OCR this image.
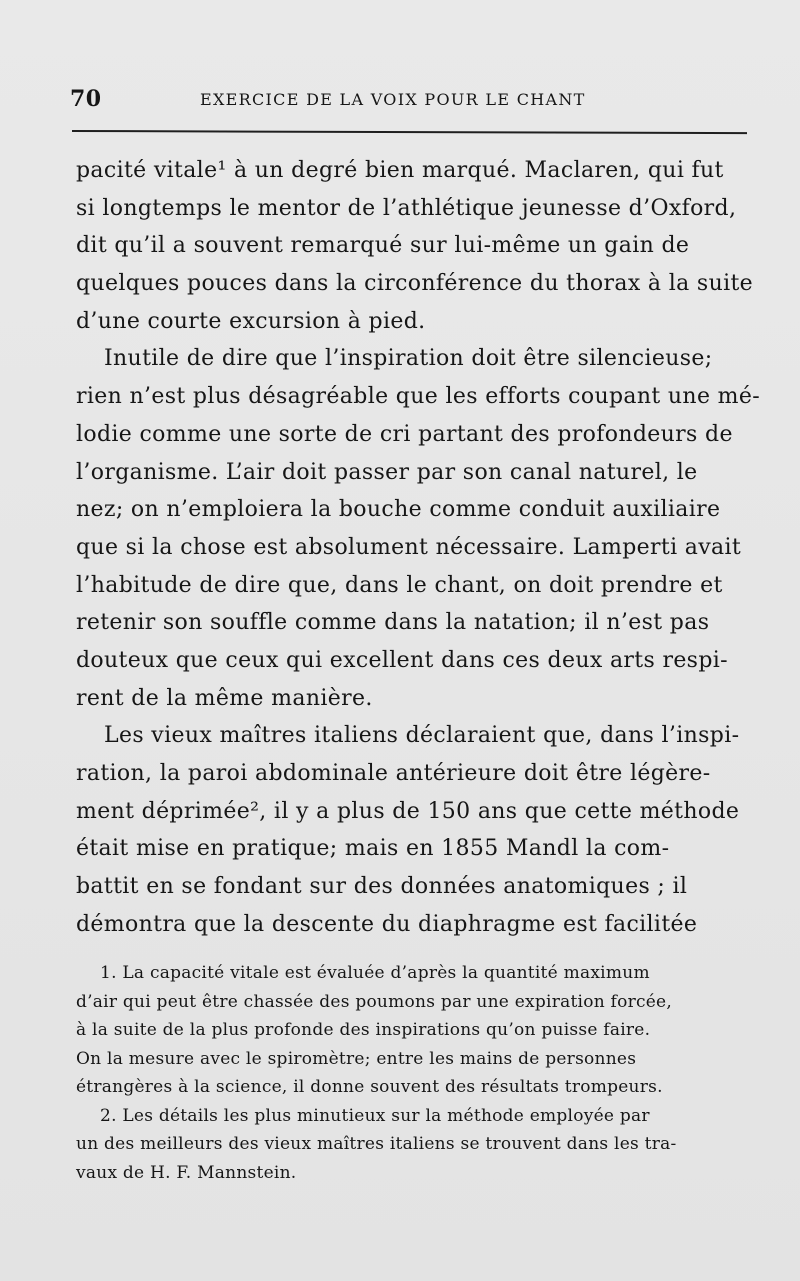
70	EXERCICE DE LA VOIX POUR LE CHANT
pacité vitale¹ à un degré bien marqué. Maclaren, qui fut
si longtemps le mentor de l’athlétique jeunesse d’Oxford,
dit qu’il a souvent remarqué sur lui-même un gain de
quelques pouces dans la circonférence du thorax à la suite
d’une courte excursion à pied.
Inutile de dire que l’inspiration doit être silencieuse;
rien n’est plus désagréable que les efforts coupant une mé-
lodie comme une sorte de cri partant des profondeurs de
l’organisme. L’air doit passer par son canal naturel, le
nez; on n’emploiera la bouche comme conduit auxiliaire
que si la chose est absolument nécessaire. Lamperti avait
l’habitude de dire que, dans le chant, on doit prendre et
retenir son souffle comme dans la natation; il n’est pas
douteux que ceux qui excellent dans ces deux arts respi-
rent de la même manière.
Les vieux maîtres italiens déclaraient que, dans l’inspi-
ration, la paroi abdominale antérieure doit être légère-
ment déprimée², il y a plus de 150 ans que cette méthode
était mise en pratique; mais en 1855 Mandl la com-
battit en se fondant sur des données anatomiques ; il
démontra que la descente du diaphragme est facilitée
1. La capacité vitale est évaluée d’après la quantité maximum
d’air qui peut être chassée des poumons par une expiration forcée,
à la suite de la plus profonde des inspirations qu’on puisse faire.
On la mesure avec le spiromètre; entre les mains de personnes
étrangères à la science, il donne souvent des résultats trompeurs.
2. Les détails les plus minutieux sur la méthode employée par
un des meilleurs des vieux maîtres italiens se trouvent dans les tra-
vaux de H. F. Mannstein.
